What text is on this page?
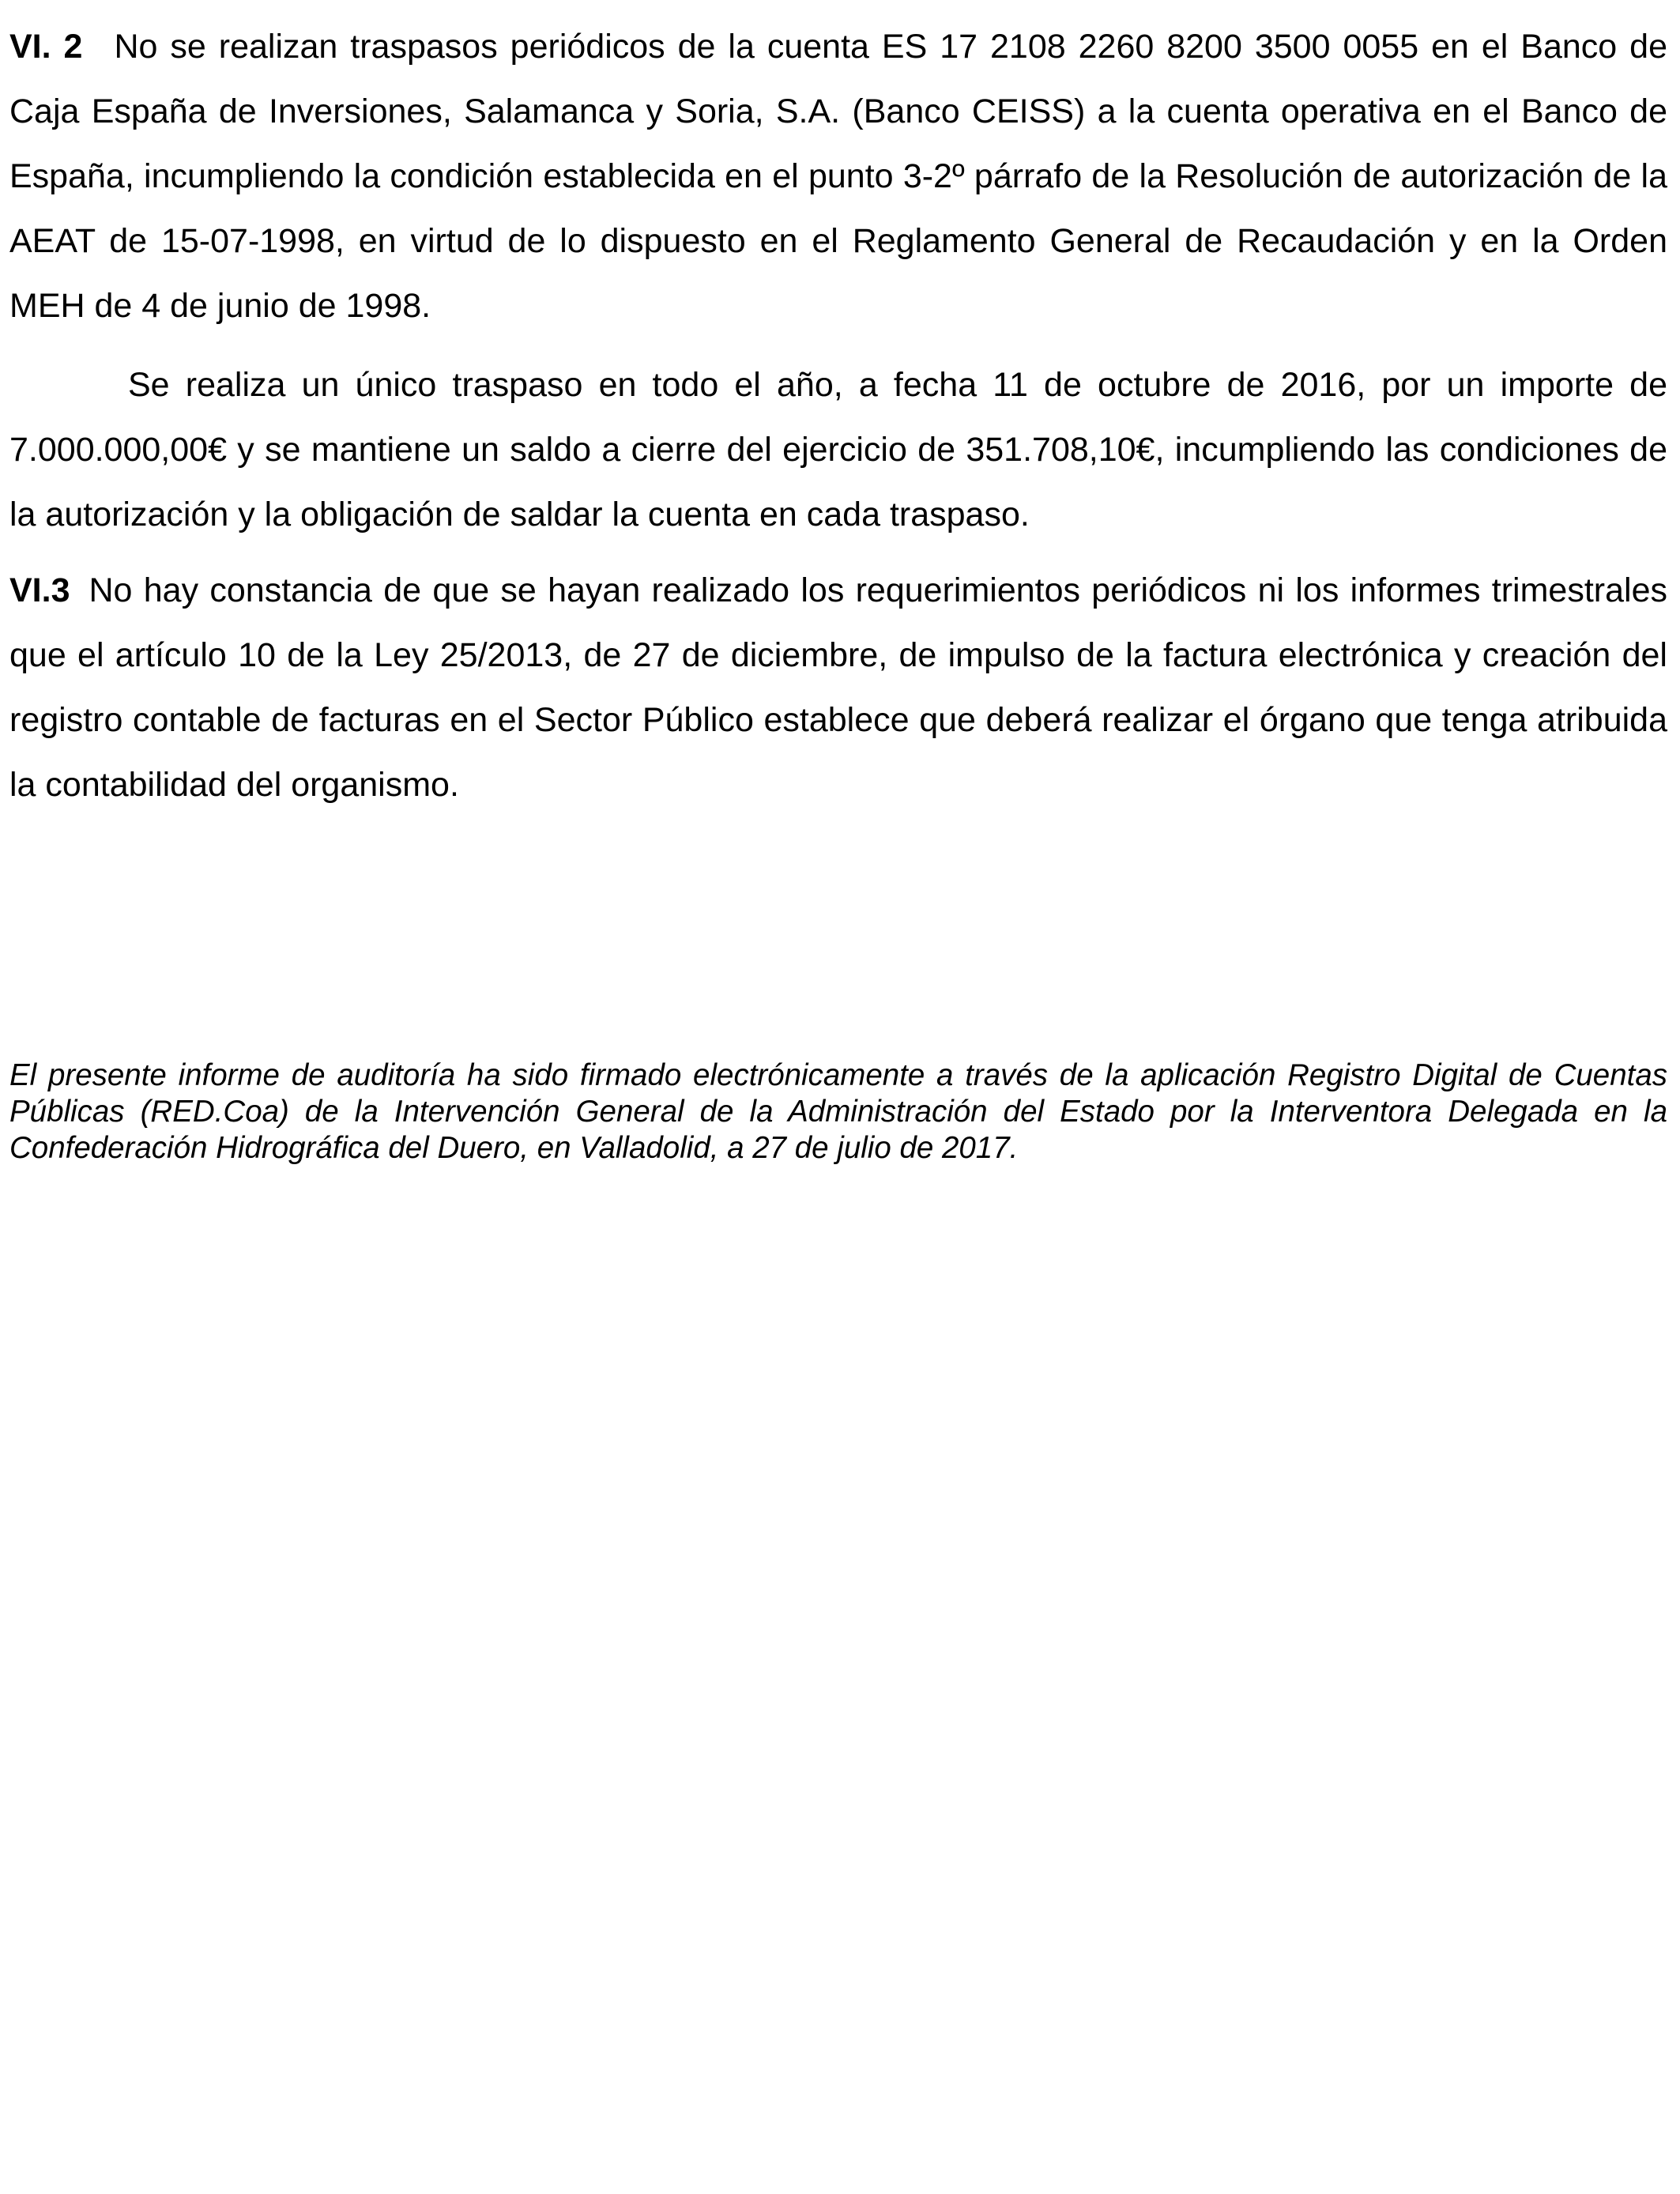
VI. 2 No se realizan traspasos periódicos de la cuenta ES 17 2108 2260 8200 3500 0055 en el Banco de Caja España de Inversiones, Salamanca y Soria, S.A. (Banco CEISS) a la cuenta operativa en el Banco de España, incumpliendo la condición establecida en el punto 3-2º párrafo de la Resolución de autorización de la AEAT de 15-07-1998, en virtud de lo dispuesto en el Reglamento General de Recaudación y en la Orden MEH de 4 de junio de 1998.

Se realiza un único traspaso en todo el año, a fecha 11 de octubre de 2016, por un importe de 7.000.000,00€ y se mantiene un saldo a cierre del ejercicio de 351.708,10€, incumpliendo las condiciones de la autorización y la obligación de saldar la cuenta en cada traspaso.

VI.3 No hay constancia de que se hayan realizado los requerimientos periódicos ni los informes trimestrales que el artículo 10 de la Ley 25/2013, de 27 de diciembre, de impulso de la factura electrónica y creación del registro contable de facturas en el Sector Público establece que deberá realizar el órgano que tenga atribuida la contabilidad del organismo.

El presente informe de auditoría ha sido firmado electrónicamente a través de la aplicación Registro Digital de Cuentas Públicas (RED.Coa) de la Intervención General de la Administración del Estado por la Interventora Delegada en la Confederación Hidrográfica del Duero, en Valladolid, a 27 de julio de 2017.
